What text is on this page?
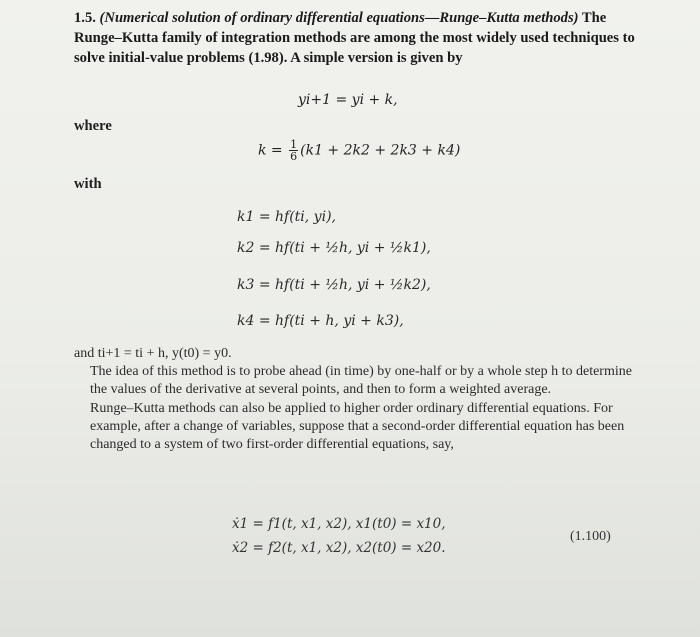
1.5. (Numerical solution of ordinary differential equations—Runge–Kutta methods) The Runge–Kutta family of integration methods are among the most widely used techniques to solve initial-value problems (1.98). A simple version is given by
yi+1 = yi + k,
where
$k = \frac{1}{6} (k1 + 2k2 + 2k3 + k4)$
with
k1 = hf(ti, yi),
k2 = hf(ti + ½h, yi + ½k1),
k3 = hf(ti + ½h, yi + ½k2),
k4 = hf(ti + h, yi + k3),
and ti+1 = ti + h, y(t0) = y0.
The idea of this method is to probe ahead (in time) by one-half or by a whole step h to determine the values of the derivative at several points, and then to form a weighted average.
Runge–Kutta methods can also be applied to higher order ordinary differential equations. For example, after a change of variables, suppose that a second-order differential equation has been changed to a system of two first-order differential equations, say,
ẋ1 = f1(t, x1, x2), x1(t0) = x10,
ẋ2 = f2(t, x1, x2), x2(t0) = x20.
(1.100)
